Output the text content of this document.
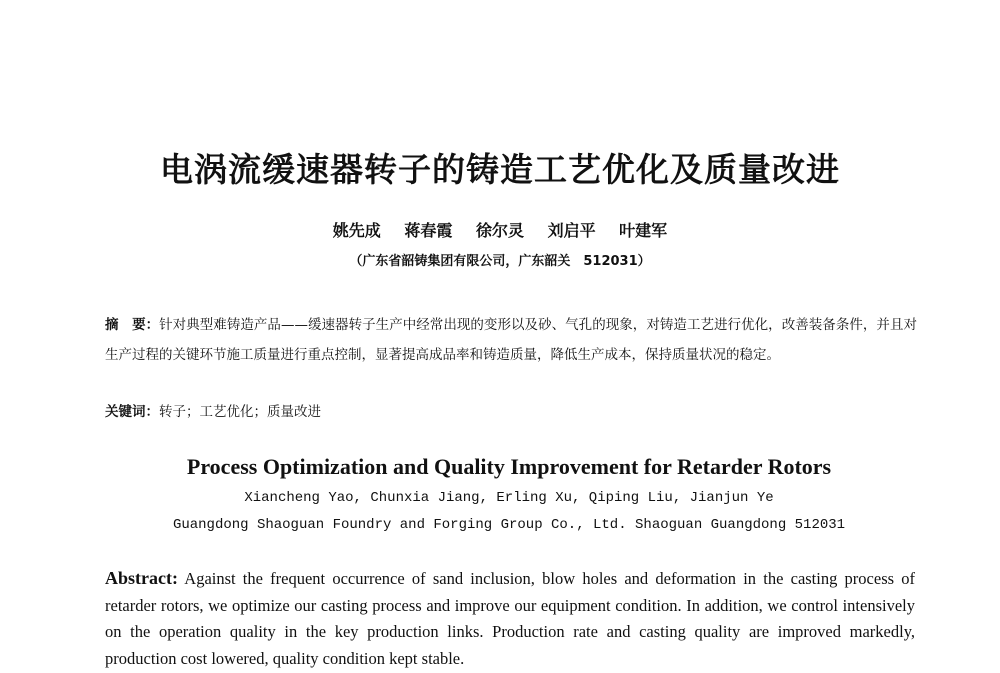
电涡流缓速器转子的铸造工艺优化及质量改进
姚先成 蒋春霞 徐尔灵 刘启平 叶建军
（广东省韶铸集团有限公司，广东韶关　512031）
摘　要：针对典型难铸造产品——缓速器转子生产中经常出现的变形以及砂、气孔的现象，对铸造工艺进行优化，改善装备条件，并且对生产过程的关键环节施工质量进行重点控制，显著提高成品率和铸造质量，降低生产成本，保持质量状况的稳定。
关键词：转子；工艺优化；质量改进
Process Optimization and Quality Improvement for Retarder Rotors
Xiancheng Yao, Chunxia Jiang, Erling Xu, Qiping Liu, Jianjun Ye
Guangdong Shaoguan Foundry and Forging Group Co., Ltd. Shaoguan Guangdong 512031
Abstract: Against the frequent occurrence of sand inclusion, blow holes and deformation in the casting process of retarder rotors, we optimize our casting process and improve our equipment condition. In addition, we control intensively on the operation quality in the key production links. Production rate and casting quality are improved markedly, production cost lowered, quality condition kept stable.
